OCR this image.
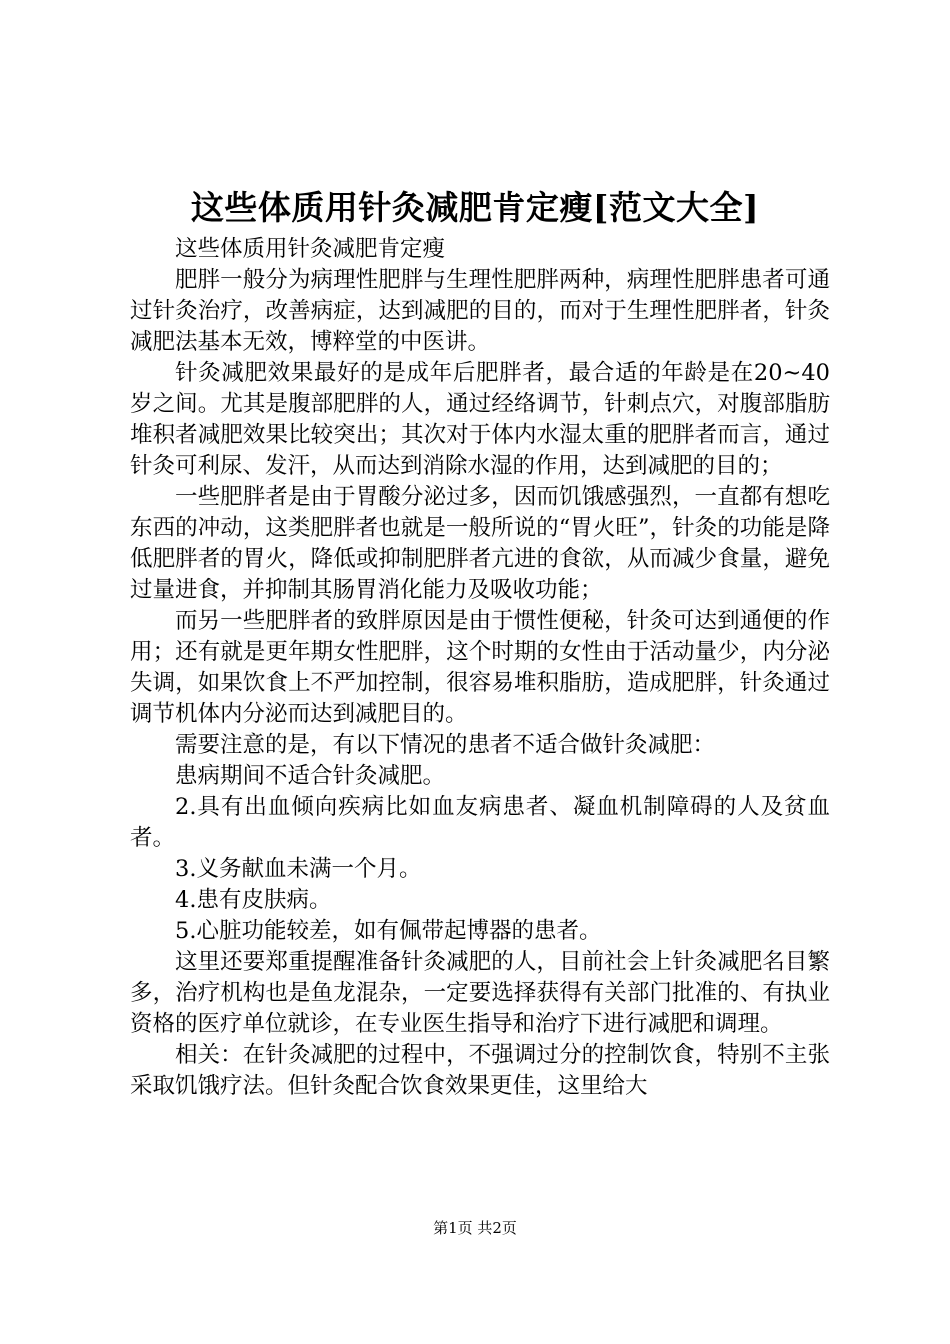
这些体质用针灸减肥肯定瘦[范文大全]

这些体质用针灸减肥肯定瘦

肥胖一般分为病理性肥胖与生理性肥胖两种，病理性肥胖患者可通过针灸治疗，改善病症，达到减肥的目的，而对于生理性肥胖者，针灸减肥法基本无效，博粹堂的中医讲。

针灸减肥效果最好的是成年后肥胖者，最合适的年龄是在20~40岁之间。尤其是腹部肥胖的人，通过经络调节，针刺点穴，对腹部脂肪堆积者减肥效果比较突出；其次对于体内水湿太重的肥胖者而言，通过针灸可利尿、发汗，从而达到消除水湿的作用，达到减肥的目的；

一些肥胖者是由于胃酸分泌过多，因而饥饿感强烈，一直都有想吃东西的冲动，这类肥胖者也就是一般所说的“胃火旺”，针灸的功能是降低肥胖者的胃火，降低或抑制肥胖者亢进的食欲，从而减少食量，避免过量进食，并抑制其肠胃消化能力及吸收功能；

而另一些肥胖者的致胖原因是由于惯性便秘，针灸可达到通便的作用；还有就是更年期女性肥胖，这个时期的女性由于活动量少，内分泌失调，如果饮食上不严加控制，很容易堆积脂肪，造成肥胖，针灸通过调节机体内分泌而达到减肥目的。

需要注意的是，有以下情况的患者不适合做针灸减肥：

患病期间不适合针灸减肥。

2.具有出血倾向疾病比如血友病患者、凝血机制障碍的人及贫血者。

3.义务献血未满一个月。

4.患有皮肤病。

5.心脏功能较差，如有佩带起博器的患者。

这里还要郑重提醒准备针灸减肥的人，目前社会上针灸减肥名目繁多，治疗机构也是鱼龙混杂，一定要选择获得有关部门批准的、有执业资格的医疗单位就诊，在专业医生指导和治疗下进行减肥和调理。

相关：在针灸减肥的过程中，不强调过分的控制饮食，特别不主张采取饥饿疗法。但针灸配合饮食效果更佳，这里给大

第1页 共2页
